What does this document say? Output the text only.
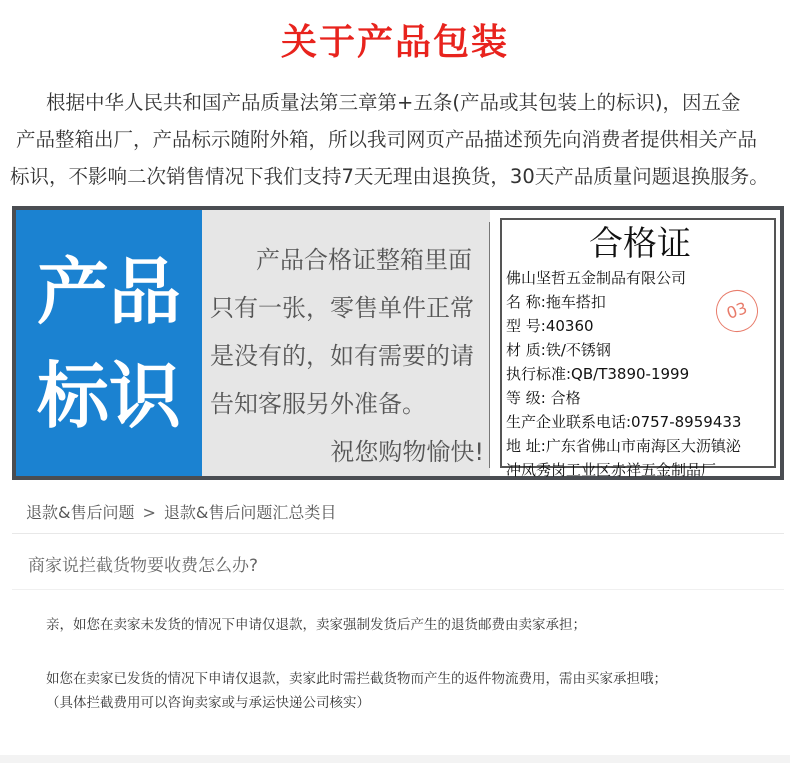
关于产品包装
根据中华人民共和国产品质量法第三章第+五条(产品或其包装上的标识)，因五金
产品整箱出厂，产品标示随附外箱，所以我司网页产品描述预先向消费者提供相关产品
标识，不影响二次销售情况下我们支持7天无理由退换货，30天产品质量问题退换服务。
产品
标识
产品合格证整箱里面
只有一张，零售单件正常
是没有的，如有需要的请
告知客服另外准备。
祝您购物愉快!
合格证
佛山坚哲五金制品有限公司
名 称:拖车搭扣
型 号:40360
材 质:铁/不锈钢
执行标准:QB/T3890-1999
等 级: 合格
生产企业联系电话:0757-8959433
地 址:广东省佛山市南海区大沥镇泌
冲凤秀岗工业区赤祥五金制品厂
03
退款&售后问题 > 退款&售后问题汇总类目
商家说拦截货物要收费怎么办?
亲，如您在卖家未发货的情况下申请仅退款，卖家强制发货后产生的退货邮费由卖家承担；
如您在卖家已发货的情况下申请仅退款，卖家此时需拦截货物而产生的返件物流费用，需由买家承担哦；
（具体拦截费用可以咨询卖家或与承运快递公司核实）
